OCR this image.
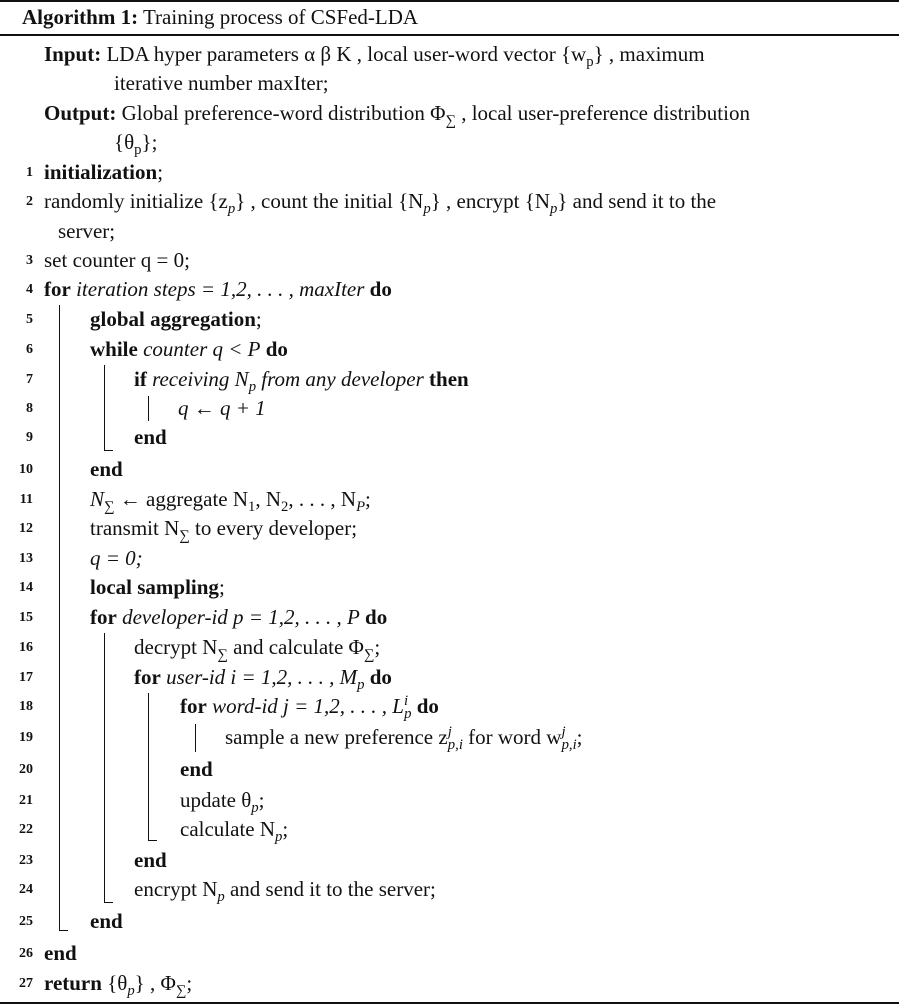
Algorithm 1: Training process of CSFed-LDA
Input: LDA hyper parameters α β K , local user-word vector $\{w_p\}$ , maximum
iterative number maxIter;
Output: Global preference-word distribution $\Phi_\sum$ , local user-preference distribution
$\{\theta_p\}$;
1 initialization;
2 randomly initialize $\{z_p\}$ , count the initial $\{N_p\}$ , encrypt $\{N_p\}$ and send it to the
server;
3 set counter q = 0;
4 for iteration steps = 1,2, . . . , maxIter do
5	global aggregation;
6	while counter q < P do
7	if receiving $N_p$ from any developer then
8	q ← q + 1
9	end
10	end
11	$N_\sum$ ← aggregate $N_1$, $N_2$, . . . , $N_P$;
12	transmit $N_\sum$ to every developer;
13	q = 0;
14	local sampling;
15	for developer-id p = 1,2, . . . , P do
16	decrypt $N_\sum$ and calculate $\Phi_\sum$;
17	for user-id i = 1,2, . . . , $M_p$ do
18	for word-id j = 1,2, . . . , $L^i_p$ do
19	sample a new preference $z^j_{p,i}$ for word $w^j_{p,i}$;
20	end
21	update $\theta_p$;
22	calculate $N_p$;
23	end
24	encrypt $N_p$ and send it to the server;
25	end
26 end
27 return $\{\theta_p\}$ , $\Phi_\sum$;
